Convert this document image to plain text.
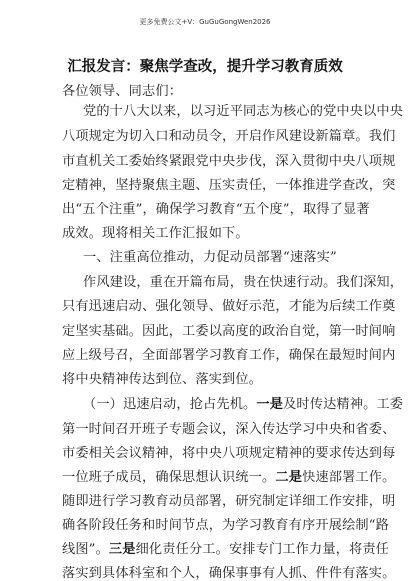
更多免费公文+V：GuGuGongWen2026
汇报发言：聚焦学查改，提升学习教育质效
各位领导、同志们：
党的十八大以来，以习近平同志为核心的党中央以中央
八项规定为切入口和动员令，开启作风建设新篇章。我们
市直机关工委始终紧跟党中央步伐，深入贯彻中央八项规
定精神，坚持聚焦主题、压实责任，一体推进学查改，突
出“五个注重”，确保学习教育“五个度”，取得了显著
成效。现将相关工作汇报如下。
一、注重高位推动，力促动员部署“速落实”
作风建设，重在开篇布局，贵在快速行动。我们深知，
只有迅速启动、强化领导、做好示范，才能为后续工作奠
定坚实基础。因此，工委以高度的政治自觉，第一时间响
应上级号召，全面部署学习教育工作，确保在最短时间内
将中央精神传达到位、落实到位。
（一）迅速启动，抢占先机。一是及时传达精神。工委
第一时间召开班子专题会议，深入传达学习中央和省委、
市委相关会议精神，将中央八项规定精神的要求传达到每
一位班子成员，确保思想认识统一。二是快速部署工作。
随即进行学习教育动员部署，研究制定详细工作安排，明
确各阶段任务和时间节点，为学习教育有序开展绘制“路
线图”。三是细化责任分工。安排专门工作力量，将责任
落实到具体科室和个人，确保事事有人抓、件件有落实。
